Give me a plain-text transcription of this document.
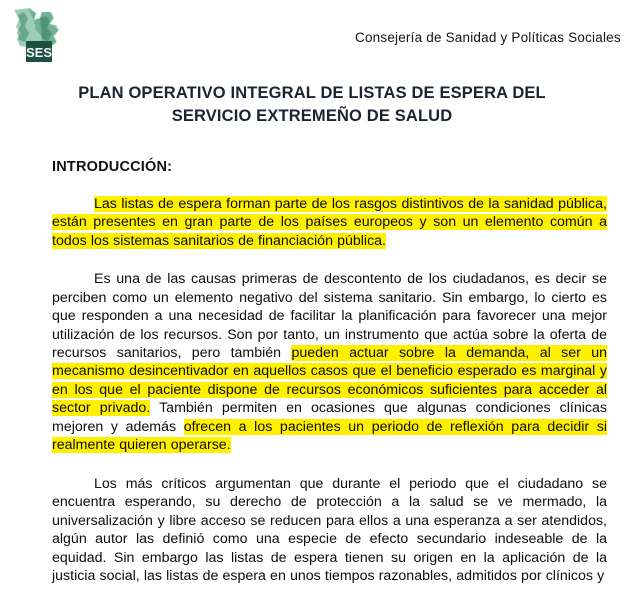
SES
Consejería de Sanidad y Políticas Sociales
PLAN OPERATIVO INTEGRAL DE LISTAS DE ESPERA DEL
SERVICIO EXTREMEÑO DE SALUD
INTRODUCCIÓN:

Las listas de espera forman parte de los rasgos distintivos de la sanidad pública, están presentes en gran parte de los países europeos y son un elemento común a todos los sistemas sanitarios de financiación pública.

Es una de las causas primeras de descontento de los ciudadanos, es decir se perciben como un elemento negativo del sistema sanitario. Sin embargo, lo cierto es que responden a una necesidad de facilitar la planificación para favorecer una mejor utilización de los recursos. Son por tanto, un instrumento que actúa sobre la oferta de recursos sanitarios, pero también pueden actuar sobre la demanda, al ser un mecanismo desincentivador en aquellos casos que el beneficio esperado es marginal y en los que el paciente dispone de recursos económicos suficientes para acceder al sector privado. También permiten en ocasiones que algunas condiciones clínicas mejoren y además ofrecen a los pacientes un periodo de reflexión para decidir si realmente quieren operarse.

Los más críticos argumentan que durante el periodo que el ciudadano se encuentra esperando, su derecho de protección a la salud se ve mermado, la universalización y libre acceso se reducen para ellos a una esperanza a ser atendidos, algún autor las definió como una especie de efecto secundario indeseable de la equidad. Sin embargo las listas de espera tienen su origen en la aplicación de la justicia social, las listas de espera en unos tiempos razonables, admitidos por clínicos y
